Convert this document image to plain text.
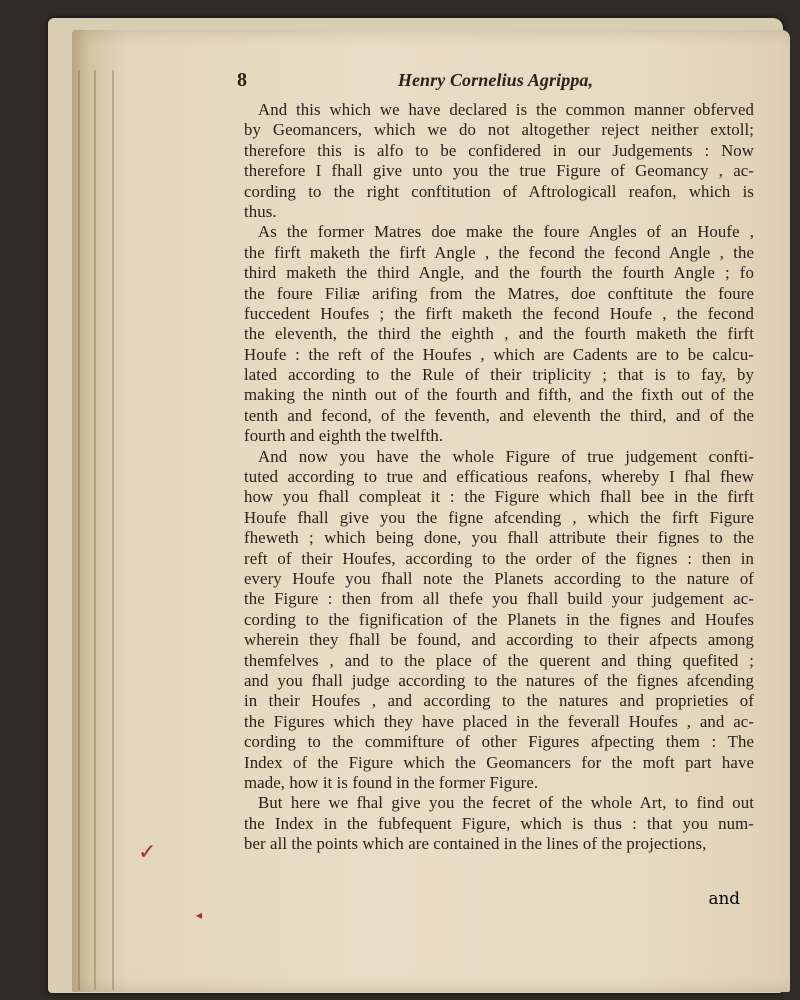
✓
◂
8	Henry Cornelius Agrippa,
And this which we have declared is the common manner obferved
by Geomancers, which we do not altogether reject neither extoll;
therefore this is alfo to be confidered in our Judgements : Now
therefore I fhall give unto you the true Figure of Geomancy , ac-
cording to the right conftitution of Aftrologicall reafon, which is
thus.
As the former Matres doe make the foure Angles of an Houfe ,
the firft maketh the firft Angle , the fecond the fecond Angle , the
third maketh the third Angle, and the fourth the fourth Angle ; fo
the foure Filiæ arifing from the Matres, doe conftitute the foure
fuccedent Houfes ; the firft maketh the fecond Houfe , the fecond
the eleventh, the third the eighth , and the fourth maketh the firft
Houfe : the reft of the Houfes , which are Cadents are to be calcu-
lated according to the Rule of their triplicity ; that is to fay, by
making the ninth out of the fourth and fifth, and the fixth out of the
tenth and fecond, of the feventh, and eleventh the third, and of the
fourth and eighth the twelfth.
And now you have the whole Figure of true judgement confti-
tuted according to true and efficatious reafons, whereby I fhal fhew
how you fhall compleat it : the Figure which fhall bee in the firft
Houfe fhall give you the figne afcending , which the firft Figure
fheweth ; which being done, you fhall attribute their fignes to the
reft of their Houfes, according to the order of the fignes : then in
every Houfe you fhall note the Planets according to the nature of
the Figure : then from all thefe you fhall build your judgement ac-
cording to the fignification of the Planets in the fignes and Houfes
wherein they fhall be found, and according to their afpects among
themfelves , and to the place of the querent and thing quefited ;
and you fhall judge according to the natures of the fignes afcending
in their Houfes , and according to the natures and proprieties of
the Figures which they have placed in the feverall Houfes , and ac-
cording to the commifture of other Figures afpecting them : The
Index of the Figure which the Geomancers for the moft part have
made, how it is found in the former Figure.
But here we fhal give you the fecret of the whole Art, to find out
the Index in the fubfequent Figure, which is thus : that you num-
ber all the points which are contained in the lines of the projections,
and
